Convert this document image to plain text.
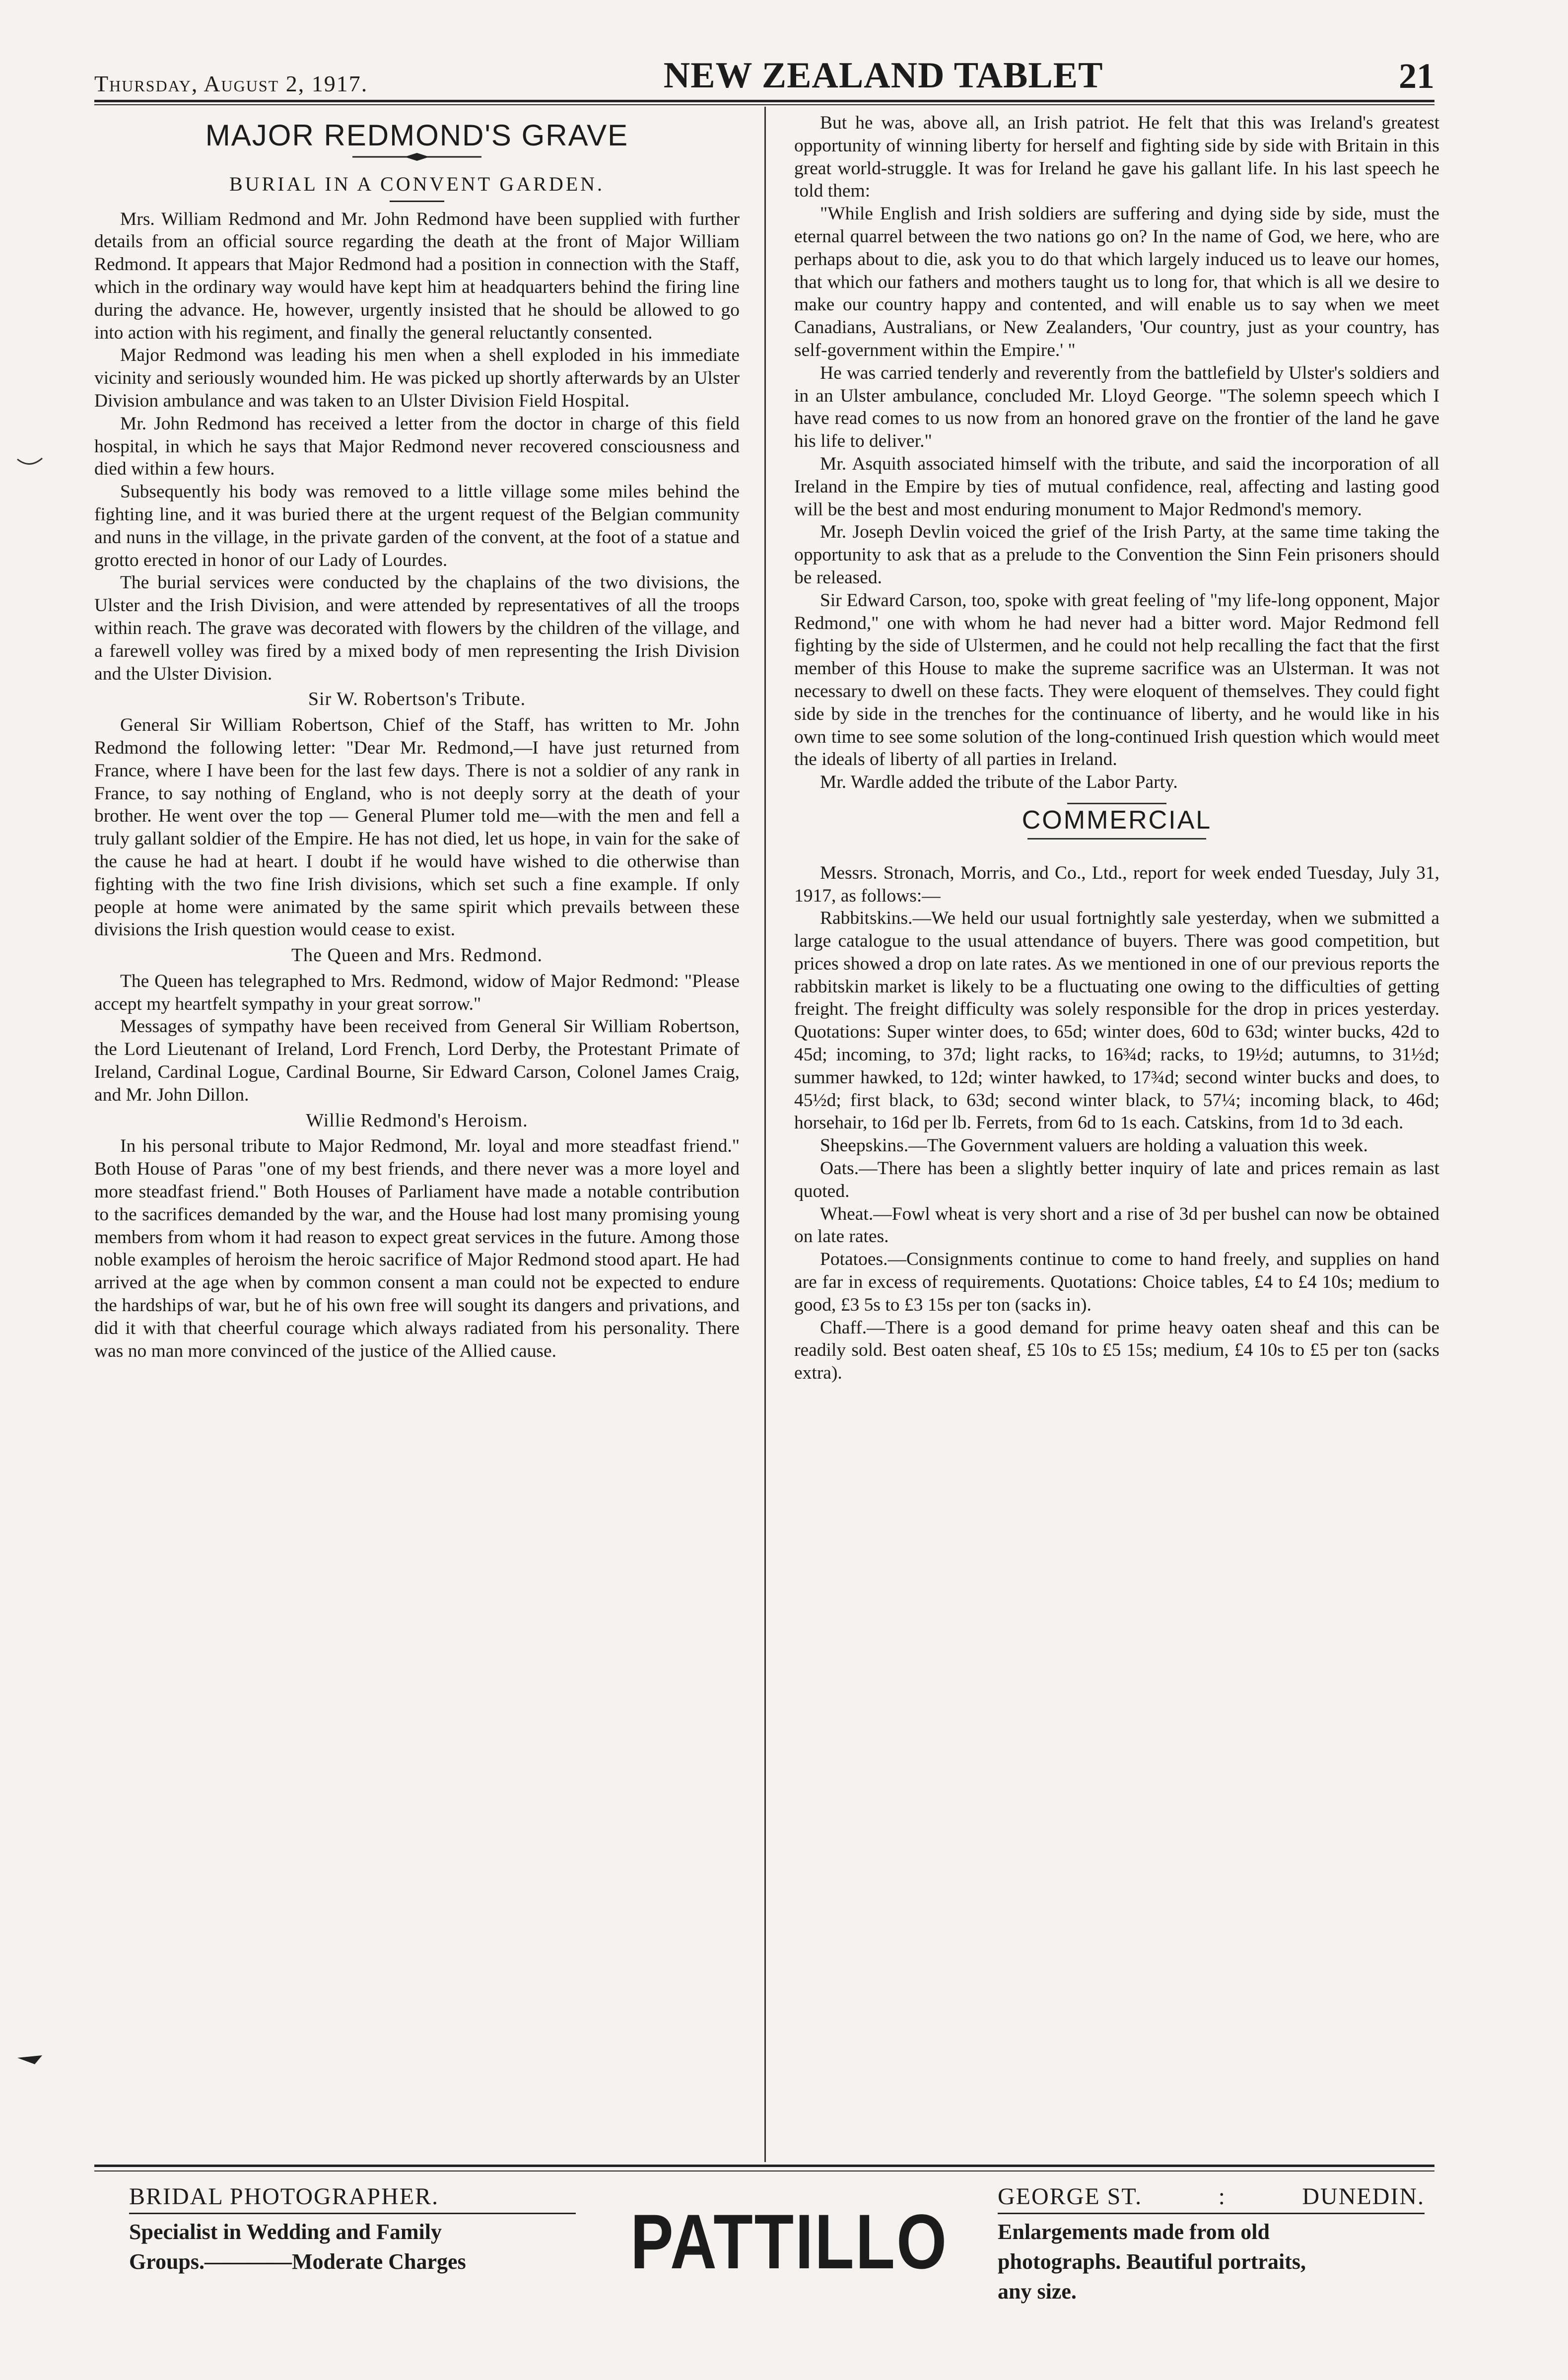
Thursday, August 2, 1917.	NEW ZEALAND TABLET	21
MAJOR REDMOND'S GRAVE
BURIAL IN A CONVENT GARDEN.

Mrs. William Redmond and Mr. John Redmond have been supplied with further details from an official source regarding the death at the front of Major William Redmond. It appears that Major Redmond had a position in connection with the Staff, which in the ordinary way would have kept him at headquarters behind the firing line during the advance. He, however, urgently insisted that he should be allowed to go into action with his regiment, and finally the general reluctantly consented.

Major Redmond was leading his men when a shell exploded in his immediate vicinity and seriously wounded him. He was picked up shortly afterwards by an Ulster Division ambulance and was taken to an Ulster Division Field Hospital.

Mr. John Redmond has received a letter from the doctor in charge of this field hospital, in which he says that Major Redmond never recovered consciousness and died within a few hours.

Subsequently his body was removed to a little village some miles behind the fighting line, and it was buried there at the urgent request of the Belgian community and nuns in the village, in the private garden of the convent, at the foot of a statue and grotto erected in honor of our Lady of Lourdes.

The burial services were conducted by the chaplains of the two divisions, the Ulster and the Irish Division, and were attended by representatives of all the troops within reach. The grave was decorated with flowers by the children of the village, and a farewell volley was fired by a mixed body of men representing the Irish Division and the Ulster Division.

Sir W. Robertson's Tribute.

General Sir William Robertson, Chief of the Staff, has written to Mr. John Redmond the following letter: "Dear Mr. Redmond,—I have just returned from France, where I have been for the last few days. There is not a soldier of any rank in France, to say nothing of England, who is not deeply sorry at the death of your brother. He went over the top — General Plumer told me—with the men and fell a truly gallant soldier of the Empire. He has not died, let us hope, in vain for the sake of the cause he had at heart. I doubt if he would have wished to die otherwise than fighting with the two fine Irish divisions, which set such a fine example. If only people at home were animated by the same spirit which prevails between these divisions the Irish question would cease to exist.

The Queen and Mrs. Redmond.

The Queen has telegraphed to Mrs. Redmond, widow of Major Redmond: "Please accept my heartfelt sympathy in your great sorrow."

Messages of sympathy have been received from General Sir William Robertson, the Lord Lieutenant of Ireland, Lord French, Lord Derby, the Protestant Primate of Ireland, Cardinal Logue, Cardinal Bourne, Sir Edward Carson, Colonel James Craig, and Mr. John Dillon.

Willie Redmond's Heroism.

In his personal tribute to Major Redmond, Mr. loyal and more steadfast friend." Both House of Paras "one of my best friends, and there never was a more loyel and more steadfast friend." Both Houses of Parliament have made a notable contribution to the sacrifices demanded by the war, and the House had lost many promising young members from whom it had reason to expect great services in the future. Among those noble examples of heroism the heroic sacrifice of Major Redmond stood apart. He had arrived at the age when by common consent a man could not be expected to endure the hardships of war, but he of his own free will sought its dangers and privations, and did it with that cheerful courage which always radiated from his personality. There was no man more convinced of the justice of the Allied cause.

But he was, above all, an Irish patriot. He felt that this was Ireland's greatest opportunity of winning liberty for herself and fighting side by side with Britain in this great world-struggle. It was for Ireland he gave his gallant life. In his last speech he told them:

"While English and Irish soldiers are suffering and dying side by side, must the eternal quarrel between the two nations go on? In the name of God, we here, who are perhaps about to die, ask you to do that which largely induced us to leave our homes, that which our fathers and mothers taught us to long for, that which is all we desire to make our country happy and contented, and will enable us to say when we meet Canadians, Australians, or New Zealanders, 'Our country, just as your country, has self-government within the Empire.' "

He was carried tenderly and reverently from the battlefield by Ulster's soldiers and in an Ulster ambulance, concluded Mr. Lloyd George. "The solemn speech which I have read comes to us now from an honored grave on the frontier of the land he gave his life to deliver."

Mr. Asquith associated himself with the tribute, and said the incorporation of all Ireland in the Empire by ties of mutual confidence, real, affecting and lasting good will be the best and most enduring monument to Major Redmond's memory.

Mr. Joseph Devlin voiced the grief of the Irish Party, at the same time taking the opportunity to ask that as a prelude to the Convention the Sinn Fein prisoners should be released.

Sir Edward Carson, too, spoke with great feeling of "my life-long opponent, Major Redmond," one with whom he had never had a bitter word. Major Redmond fell fighting by the side of Ulstermen, and he could not help recalling the fact that the first member of this House to make the supreme sacrifice was an Ulsterman. It was not necessary to dwell on these facts. They were eloquent of themselves. They could fight side by side in the trenches for the continuance of liberty, and he would like in his own time to see some solution of the long-continued Irish question which would meet the ideals of liberty of all parties in Ireland.

Mr. Wardle added the tribute of the Labor Party.

COMMERCIAL

Messrs. Stronach, Morris, and Co., Ltd., report for week ended Tuesday, July 31, 1917, as follows:—

Rabbitskins.—We held our usual fortnightly sale yesterday, when we submitted a large catalogue to the usual attendance of buyers. There was good competition, but prices showed a drop on late rates. As we mentioned in one of our previous reports the rabbitskin market is likely to be a fluctuating one owing to the difficulties of getting freight. The freight difficulty was solely responsible for the drop in prices yesterday. Quotations: Super winter does, to 65d; winter does, 60d to 63d; winter bucks, 42d to 45d; incoming, to 37d; light racks, to 16¾d; racks, to 19½d; autumns, to 31½d; summer hawked, to 12d; winter hawked, to 17¾d; second winter bucks and does, to 45½d; first black, to 63d; second winter black, to 57¼; incoming black, to 46d; horsehair, to 16d per lb. Ferrets, from 6d to 1s each. Catskins, from 1d to 3d each.

Sheepskins.—The Government valuers are holding a valuation this week.

Oats.—There has been a slightly better inquiry of late and prices remain as last quoted.

Wheat.—Fowl wheat is very short and a rise of 3d per bushel can now be obtained on late rates.

Potatoes.—Consignments continue to come to hand freely, and supplies on hand are far in excess of requirements. Quotations: Choice tables, £4 to £4 10s; medium to good, £3 5s to £3 15s per ton (sacks in).

Chaff.—There is a good demand for prime heavy oaten sheaf and this can be readily sold. Best oaten sheaf, £5 10s to £5 15s; medium, £4 10s to £5 per ton (sacks extra).

BRIDAL PHOTOGRAPHER.
Specialist in Wedding and Family
Groups.————Moderate Charges	PATTILLO
GEORGE ST.	:	DUNEDIN.
Enlargements made from old
photographs. Beautiful portraits,
any size.
